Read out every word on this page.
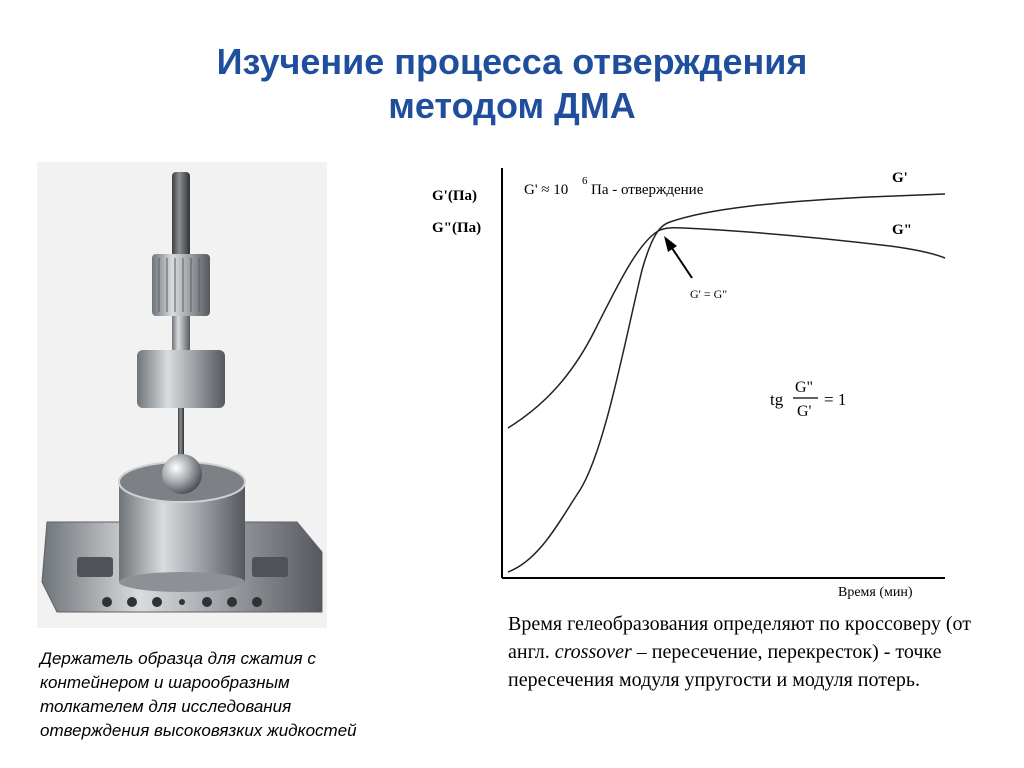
Изучение процесса отверждения
методом ДМА
Держатель образца для сжатия с
контейнером и шарообразным
толкателем для исследования
отверждения высоковязких жидкостей
G'(Па)
G"(Па)
G' ≈ 10
6
Па - отверждение
G'
G"
G' = G"
tg
G"
G'
= 1
Время (мин)
Время гелеобразования определяют по кроссоверу (от англ. crossover – пересечение, перекресток) - точке пересечения модуля упругости и модуля потерь.
